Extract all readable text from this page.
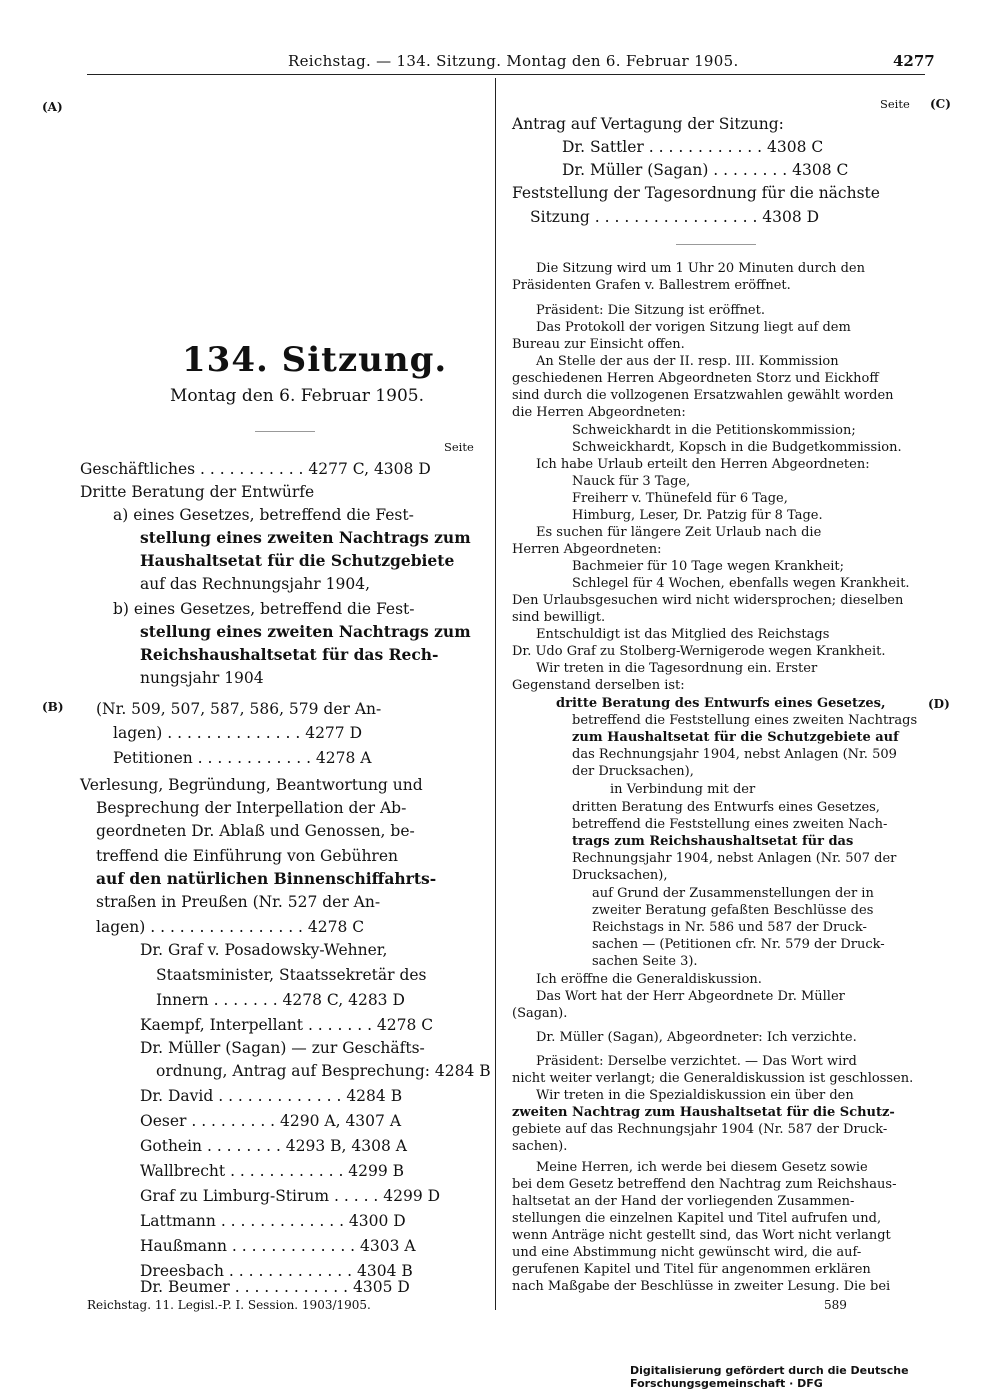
Reichstag. — 134. Sitzung. Montag den 6. Februar 1905.	4277
(A)	(C)
(B)	(D)
134. Sitzung.
Montag den 6. Februar 1905.
Seite
Geschäftliches . . . . . . . . . . . 4277 C, 4308 D
Dritte Beratung der Entwürfe
a) eines Gesetzes, betreffend die Fest-
stellung eines zweiten Nachtrags zum
Haushaltsetat für die Schutzgebiete
auf das Rechnungsjahr 1904,
b) eines Gesetzes, betreffend die Fest-
stellung eines zweiten Nachtrags zum
Reichshaushaltsetat für das Rech-
nungsjahr 1904
(Nr. 509, 507, 587, 586, 579 der An-
lagen) . . . . . . . . . . . . . . 4277 D
Petitionen . . . . . . . . . . . . 4278 A
Verlesung, Begründung, Beantwortung und
Besprechung der Interpellation der Ab-
geordneten Dr. Ablaß und Genossen, be-
treffend die Einführung von Gebühren
auf den natürlichen Binnenschiffahrts-
straßen in Preußen (Nr. 527 der An-
lagen) . . . . . . . . . . . . . . . . 4278 C
Dr. Graf v. Posadowsky-Wehner,
Staatsminister, Staatssekretär des
Innern . . . . . . . 4278 C, 4283 D
Kaempf, Interpellant . . . . . . . 4278 C
Dr. Müller (Sagan) — zur Geschäfts-
ordnung, Antrag auf Besprechung: 4284 B
Dr. David . . . . . . . . . . . . . 4284 B
Oeser . . . . . . . . . 4290 A, 4307 A
Gothein . . . . . . . . 4293 B, 4308 A
Wallbrecht . . . . . . . . . . . . 4299 B
Graf zu Limburg-Stirum . . . . . 4299 D
Lattmann . . . . . . . . . . . . . 4300 D
Haußmann . . . . . . . . . . . . . 4303 A
Dreesbach . . . . . . . . . . . . . 4304 B
Dr. Beumer . . . . . . . . . . . . 4305 D
Reichstag. 11. Legisl.-P. I. Session. 1903/1905.
Seite
Antrag auf Vertagung der Sitzung:
Dr. Sattler . . . . . . . . . . . . 4308 C
Dr. Müller (Sagan) . . . . . . . . 4308 C
Feststellung der Tagesordnung für die nächste
Sitzung . . . . . . . . . . . . . . . . . 4308 D
Die Sitzung wird um 1 Uhr 20 Minuten durch den
Präsidenten Grafen v. Ballestrem eröffnet.
Präsident: Die Sitzung ist eröffnet.
Das Protokoll der vorigen Sitzung liegt auf dem
Bureau zur Einsicht offen.
An Stelle der aus der II. resp. III. Kommission
geschiedenen Herren Abgeordneten Storz und Eickhoff
sind durch die vollzogenen Ersatzwahlen gewählt worden
die Herren Abgeordneten:
Schweickhardt in die Petitionskommission;
Schweickhardt, Kopsch in die Budgetkommission.
Ich habe Urlaub erteilt den Herren Abgeordneten:
Nauck für 3 Tage,
Freiherr v. Thünefeld für 6 Tage,
Himburg, Leser, Dr. Patzig für 8 Tage.
Es suchen für längere Zeit Urlaub nach die
Herren Abgeordneten:
Bachmeier für 10 Tage wegen Krankheit;
Schlegel für 4 Wochen, ebenfalls wegen Krankheit.
Den Urlaubsgesuchen wird nicht widersprochen; dieselben
sind bewilligt.
Entschuldigt ist das Mitglied des Reichstags
Dr. Udo Graf zu Stolberg-Wernigerode wegen Krankheit.
Wir treten in die Tagesordnung ein. Erster
Gegenstand derselben ist:
dritte Beratung des Entwurfs eines Gesetzes,
betreffend die Feststellung eines zweiten Nachtrags
zum Haushaltsetat für die Schutzgebiete auf
das Rechnungsjahr 1904, nebst Anlagen (Nr. 509
der Drucksachen),
in Verbindung mit der
dritten Beratung des Entwurfs eines Gesetzes,
betreffend die Feststellung eines zweiten Nach-
trags zum Reichshaushaltsetat für das
Rechnungsjahr 1904, nebst Anlagen (Nr. 507 der
Drucksachen),
auf Grund der Zusammenstellungen der in
zweiter Beratung gefaßten Beschlüsse des
Reichstags in Nr. 586 und 587 der Druck-
sachen — (Petitionen cfr. Nr. 579 der Druck-
sachen Seite 3).
Ich eröffne die Generaldiskussion.
Das Wort hat der Herr Abgeordnete Dr. Müller
(Sagan).
Dr. Müller (Sagan), Abgeordneter: Ich verzichte.
Präsident: Derselbe verzichtet. — Das Wort wird
nicht weiter verlangt; die Generaldiskussion ist geschlossen.
Wir treten in die Spezialdiskussion ein über den
zweiten Nachtrag zum Haushaltsetat für die Schutz-
gebiete auf das Rechnungsjahr 1904 (Nr. 587 der Druck-
sachen).
Meine Herren, ich werde bei diesem Gesetz sowie
bei dem Gesetz betreffend den Nachtrag zum Reichshaus-
haltsetat an der Hand der vorliegenden Zusammen-
stellungen die einzelnen Kapitel und Titel aufrufen und,
wenn Anträge nicht gestellt sind, das Wort nicht verlangt
und eine Abstimmung nicht gewünscht wird, die auf-
gerufenen Kapitel und Titel für angenommen erklären
nach Maßgabe der Beschlüsse in zweiter Lesung. Die bei
589
Digitalisierung gefördert durch die Deutsche Forschungsgemeinschaft · DFG
